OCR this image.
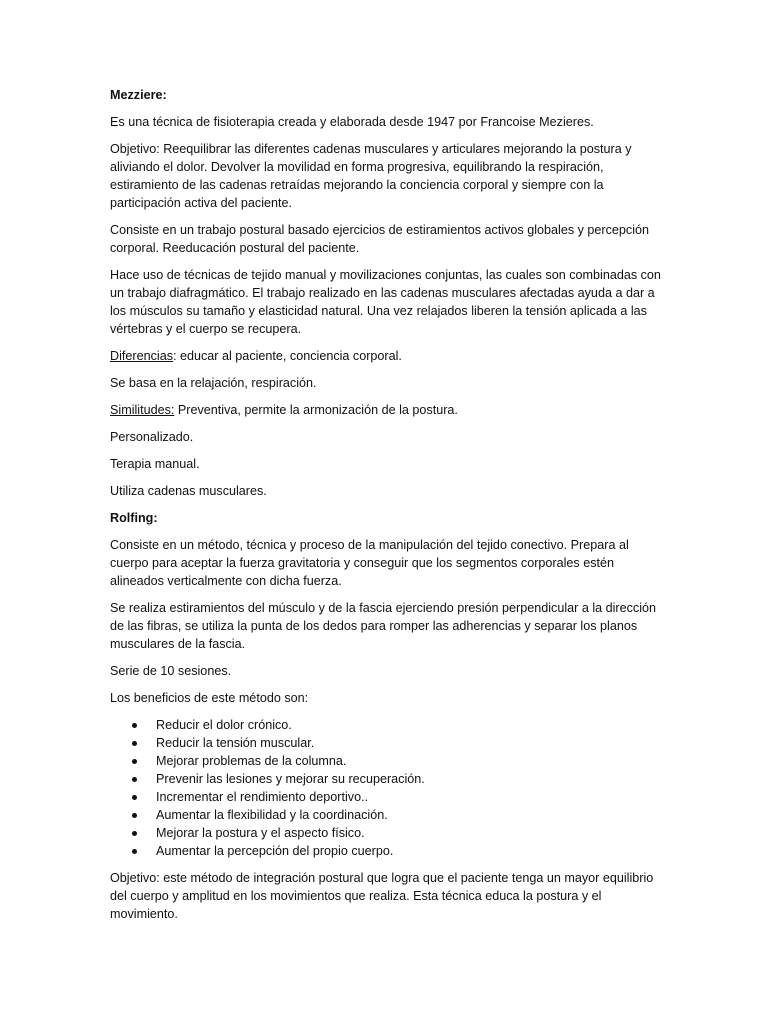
Mezziere:

Es una técnica de fisioterapia creada y elaborada desde 1947 por Francoise Mezieres.

Objetivo: Reequilibrar las diferentes cadenas musculares y articulares mejorando la postura y aliviando el dolor. Devolver la movilidad en forma progresiva, equilibrando la respiración, estiramiento de las cadenas retraídas mejorando la conciencia corporal y siempre con la participación activa del paciente.

Consiste en un trabajo postural basado ejercicios de estiramientos activos globales y percepción corporal. Reeducación postural del paciente.

Hace uso de técnicas de tejido manual y movilizaciones conjuntas, las cuales son combinadas con un trabajo diafragmático. El trabajo realizado en las cadenas musculares afectadas ayuda a dar a los músculos su tamaño y elasticidad natural. Una vez relajados liberen la tensión aplicada a las vértebras y el cuerpo se recupera.

Diferencias: educar al paciente, conciencia corporal.

Se basa en la relajación, respiración.

Similitudes: Preventiva, permite la armonización de la postura.

Personalizado.

Terapia manual.

Utiliza cadenas musculares.

Rolfing:

Consiste en un método, técnica y proceso de la manipulación del tejido conectivo. Prepara al cuerpo para aceptar la fuerza gravitatoria y conseguir que los segmentos corporales estén alineados verticalmente con dicha fuerza.

Se realiza estiramientos del músculo y de la fascia ejerciendo presión perpendicular a la dirección de las fibras, se utiliza la punta de los dedos para romper las adherencias y separar los planos musculares de la fascia.

Serie de 10 sesiones.

Los beneficios de este método son:

Reducir el dolor crónico.
Reducir la tensión muscular.
Mejorar problemas de la columna.
Prevenir las lesiones y mejorar su recuperación.
Incrementar el rendimiento deportivo..
Aumentar la flexibilidad y la coordinación.
Mejorar la postura y el aspecto físico.
Aumentar la percepción del propio cuerpo.

Objetivo: este método de integración postural que logra que el paciente tenga un mayor equilibrio del cuerpo y amplitud en los movimientos que realiza. Esta técnica educa la postura y el movimiento.
